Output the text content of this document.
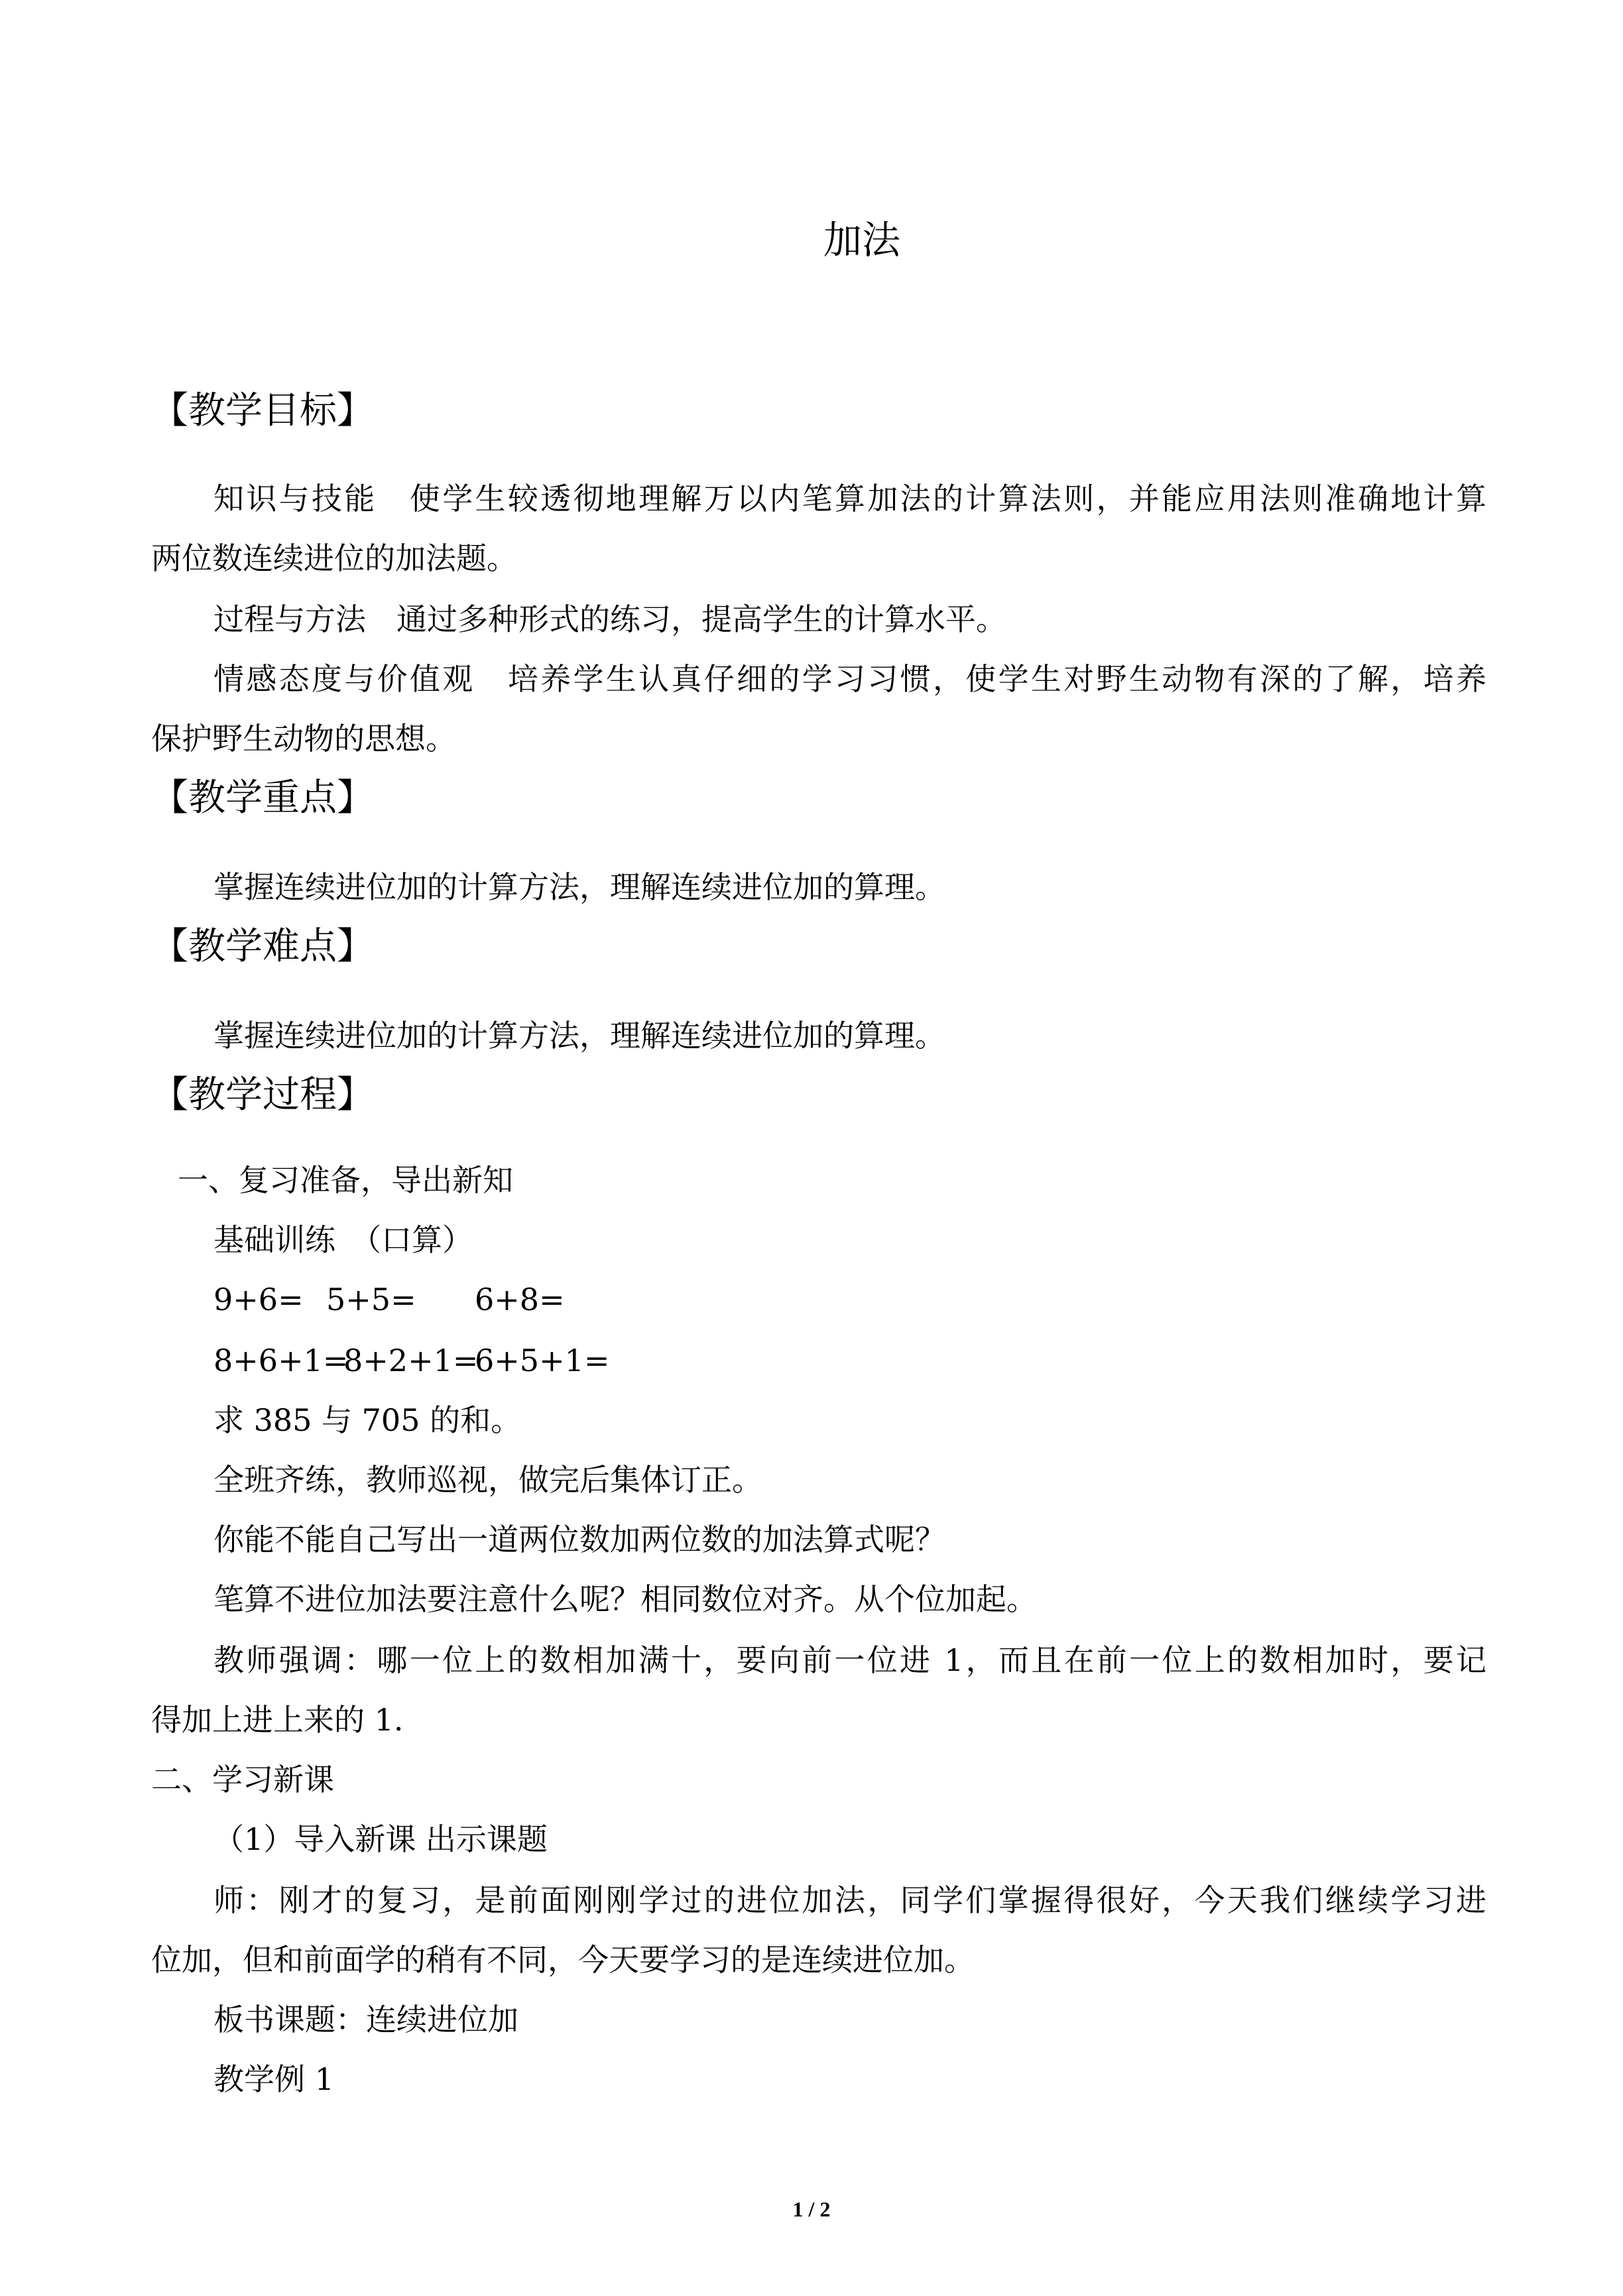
加法
【教学目标】
知识与技能　使学生较透彻地理解万以内笔算加法的计算法则，并能应用法则准确地计算
两位数连续进位的加法题。
过程与方法　通过多种形式的练习，提高学生的计算水平。
情感态度与价值观　培养学生认真仔细的学习习惯，使学生对野生动物有深的了解，培养
保护野生动物的思想。
【教学重点】
掌握连续进位加的计算方法，理解连续进位加的算理。
【教学难点】
掌握连续进位加的计算方法，理解连续进位加的算理。
【教学过程】
一、复习准备，导出新知
基础训练　（口算）
9+6= 5+5= 6+8=
8+6+1=
8+2+1=
6+5+1=
求 385 与 705 的和。
全班齐练，教师巡视，做完后集体订正。
你能不能自己写出一道两位数加两位数的加法算式呢？
笔算不进位加法要注意什么呢？相同数位对齐。从个位加起。
教师强调：哪一位上的数相加满十，要向前一位进 1，而且在前一位上的数相加时，要记
得加上进上来的 1.
二、学习新课
（1）导入新课 出示课题
师：刚才的复习，是前面刚刚学过的进位加法，同学们掌握得很好，今天我们继续学习进
位加，但和前面学的稍有不同，今天要学习的是连续进位加。
板书课题：连续进位加
教学例 1
1 / 2
